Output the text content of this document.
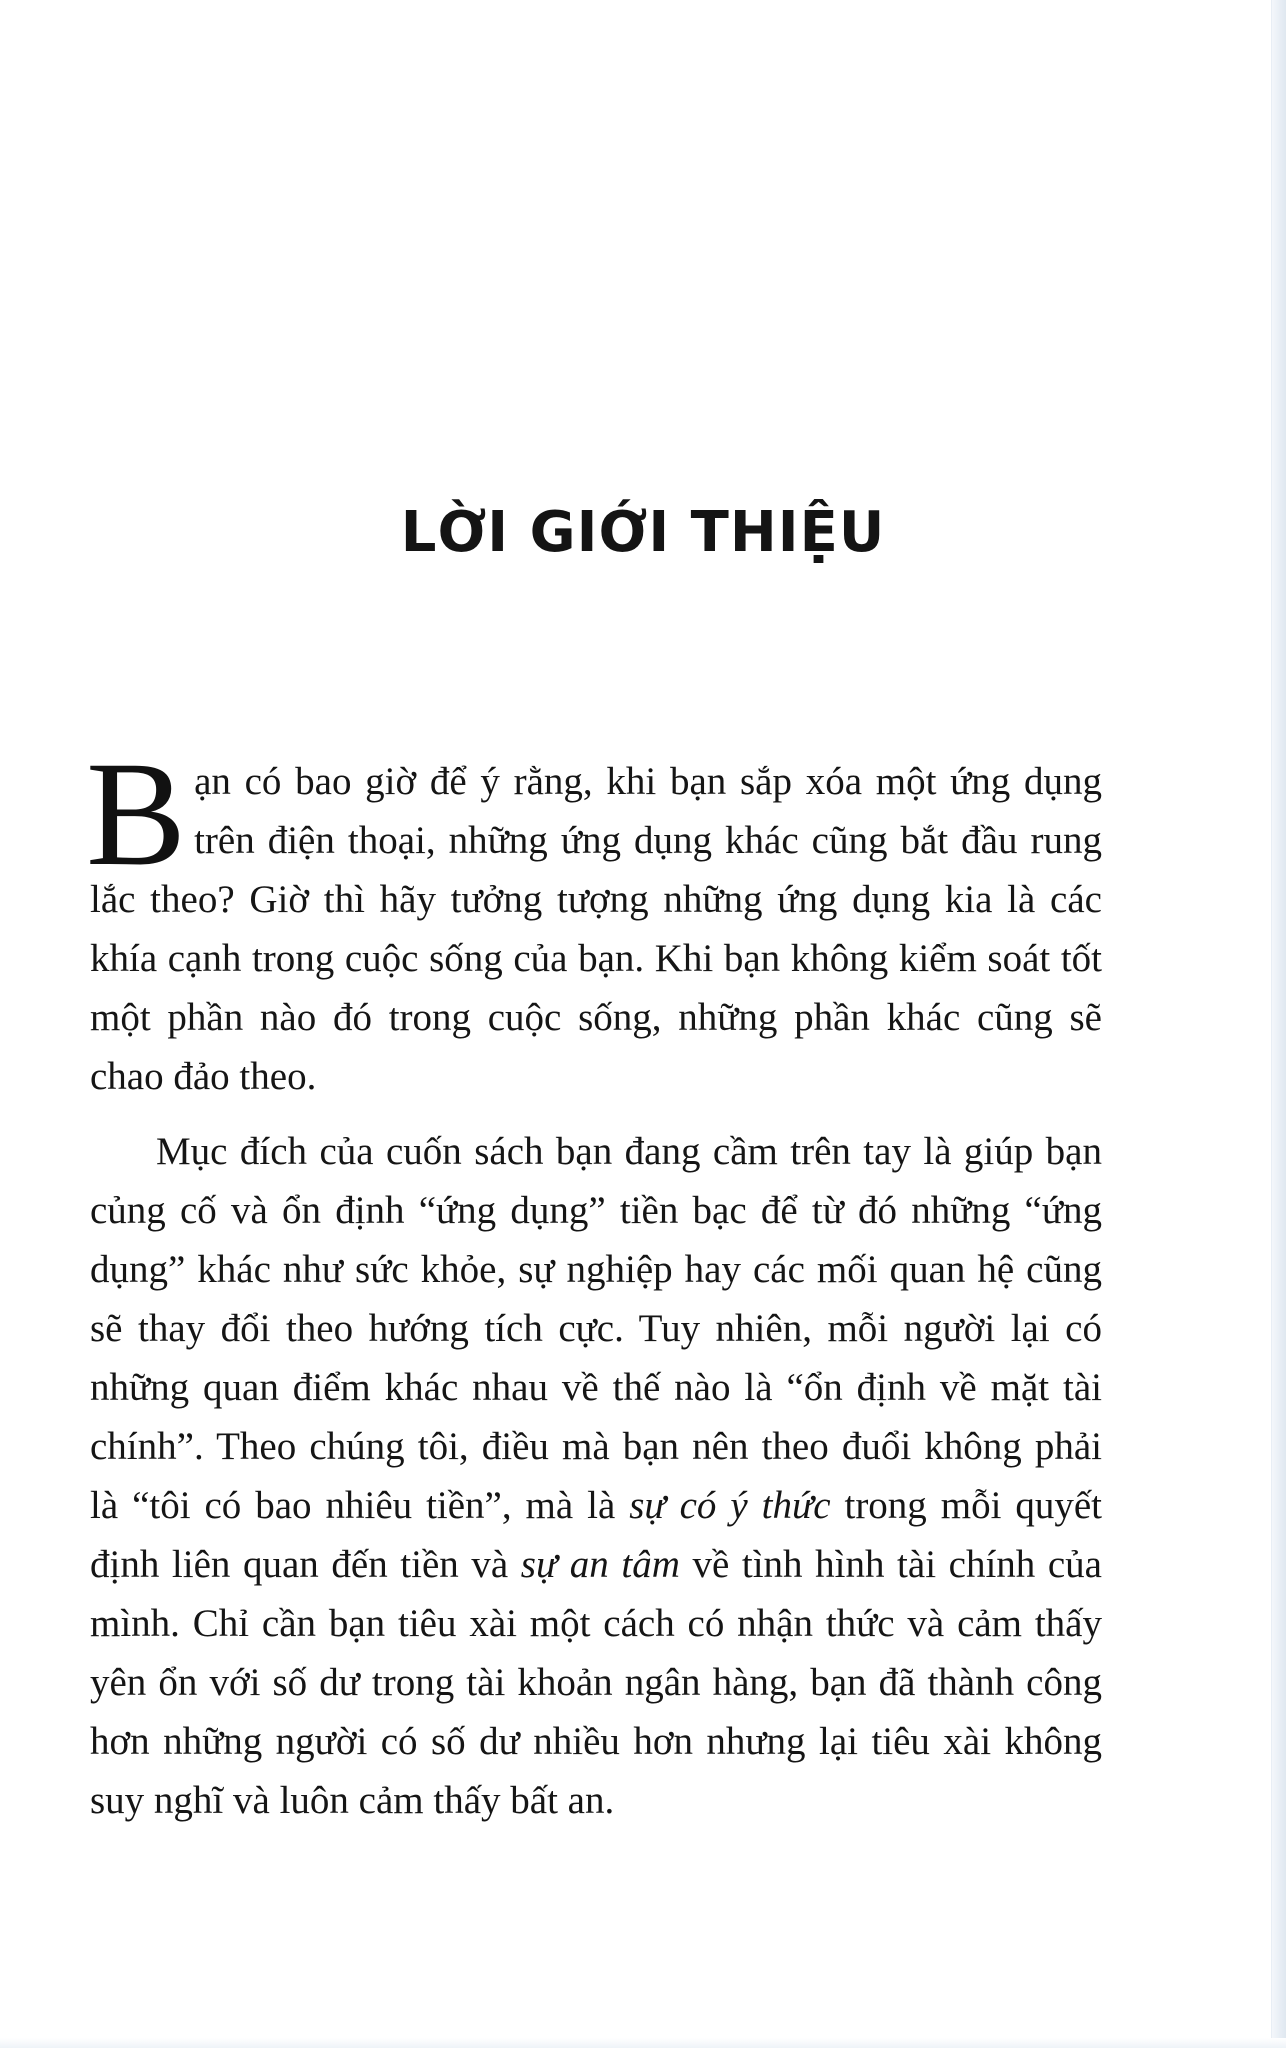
LỜI GIỚI THIỆU

Bạn có bao giờ để ý rằng, khi bạn sắp xóa một ứng dụng trên điện thoại, những ứng dụng khác cũng bắt đầu rung lắc theo? Giờ thì hãy tưởng tượng những ứng dụng kia là các khía cạnh trong cuộc sống của bạn. Khi bạn không kiểm soát tốt một phần nào đó trong cuộc sống, những phần khác cũng sẽ chao đảo theo.

Mục đích của cuốn sách bạn đang cầm trên tay là giúp bạn củng cố và ổn định “ứng dụng” tiền bạc để từ đó những “ứng dụng” khác như sức khỏe, sự nghiệp hay các mối quan hệ cũng sẽ thay đổi theo hướng tích cực. Tuy nhiên, mỗi người lại có những quan điểm khác nhau về thế nào là “ổn định về mặt tài chính”. Theo chúng tôi, điều mà bạn nên theo đuổi không phải là “tôi có bao nhiêu tiền”, mà là sự có ý thức trong mỗi quyết định liên quan đến tiền và sự an tâm về tình hình tài chính của mình. Chỉ cần bạn tiêu xài một cách có nhận thức và cảm thấy yên ổn với số dư trong tài khoản ngân hàng, bạn đã thành công hơn những người có số dư nhiều hơn nhưng lại tiêu xài không suy nghĩ và luôn cảm thấy bất an.
